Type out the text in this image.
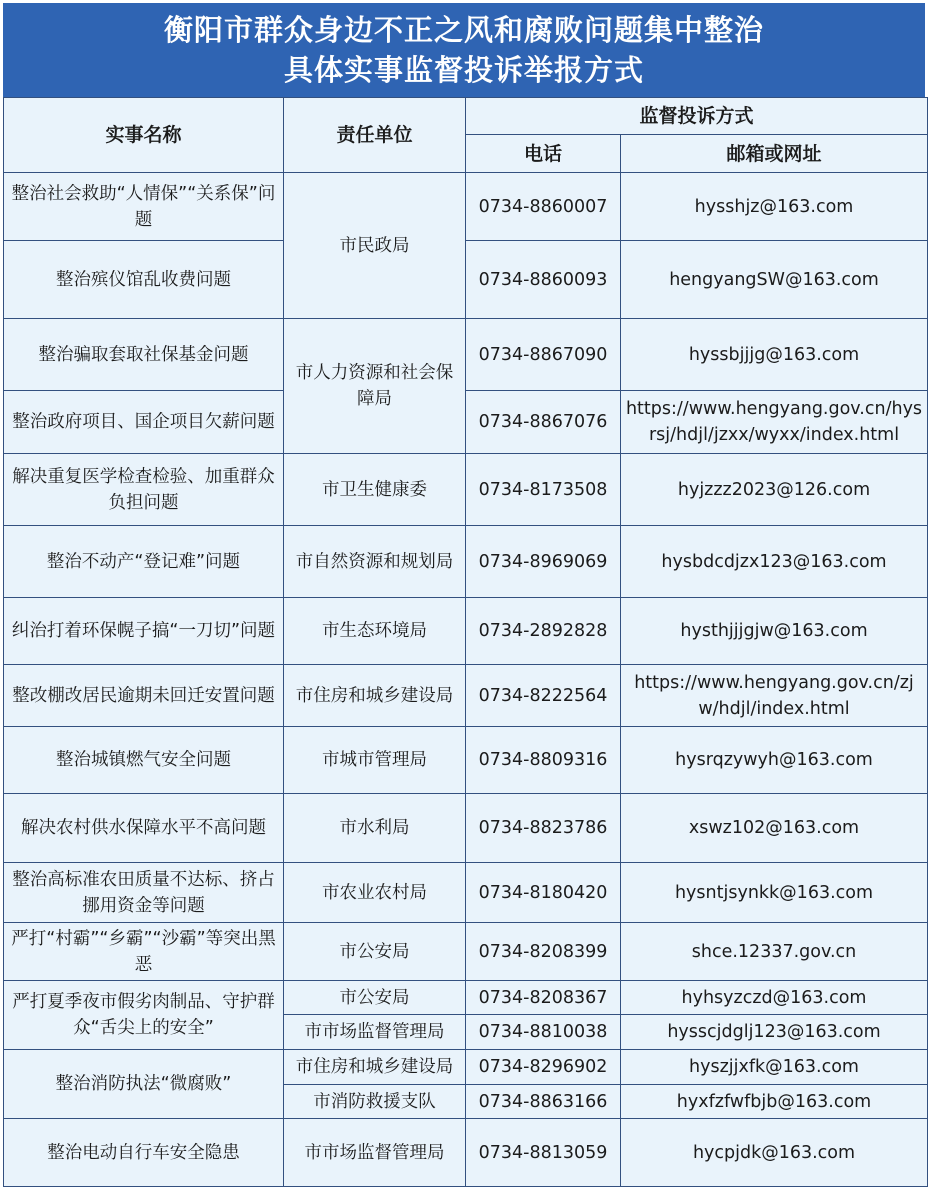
衡阳市群众身边不正之风和腐败问题集中整治
具体实事监督投诉举报方式
实事名称	责任单位	监督投诉方式	
		电话	邮箱或网址
整治社会救助“人情保”“关系保”问题	市民政局	0734-8860007	hysshjz@163.com
整治殡仪馆乱收费问题		0734-8860093	hengyangSW@163.com
整治骗取套取社保基金问题	市人力资源和社会保障局	0734-8867090	hyssbjjjg@163.com
整治政府项目、国企项目欠薪问题		0734-8867076	https://www.hengyang.gov.cn/hysrsj/hdjl/jzxx/wyxx/index.html
解决重复医学检查检验、加重群众负担问题	市卫生健康委	0734-8173508	hyjzzz2023@126.com
整治不动产“登记难”问题	市自然资源和规划局	0734-8969069	hysbdcdjzx123@163.com
纠治打着环保幌子搞“一刀切”问题	市生态环境局	0734-2892828	hysthjjjgjw@163.com
整改棚改居民逾期未回迁安置问题	市住房和城乡建设局	0734-8222564	https://www.hengyang.gov.cn/zjw/hdjl/index.html
整治城镇燃气安全问题	市城市管理局	0734-8809316	hysrqzywyh@163.com
解决农村供水保障水平不高问题	市水利局	0734-8823786	xswz102@163.com
整治高标准农田质量不达标、挤占挪用资金等问题	市农业农村局	0734-8180420	hysntjsynkk@163.com
严打“村霸”“乡霸”“沙霸”等突出黑恶	市公安局	0734-8208399	shce.12337.gov.cn
严打夏季夜市假劣肉制品、守护群众“舌尖上的安全”	市公安局	0734-8208367	hyhsyzczd@163.com
	市市场监督管理局	0734-8810038	hysscjdglj123@163.com
整治消防执法“微腐败”	市住房和城乡建设局	0734-8296902	hyszjjxfk@163.com
	市消防救援支队	0734-8863166	hyxfzfwfbjb@163.com
整治电动自行车安全隐患	市市场监督管理局	0734-8813059	hycpjdk@163.com
